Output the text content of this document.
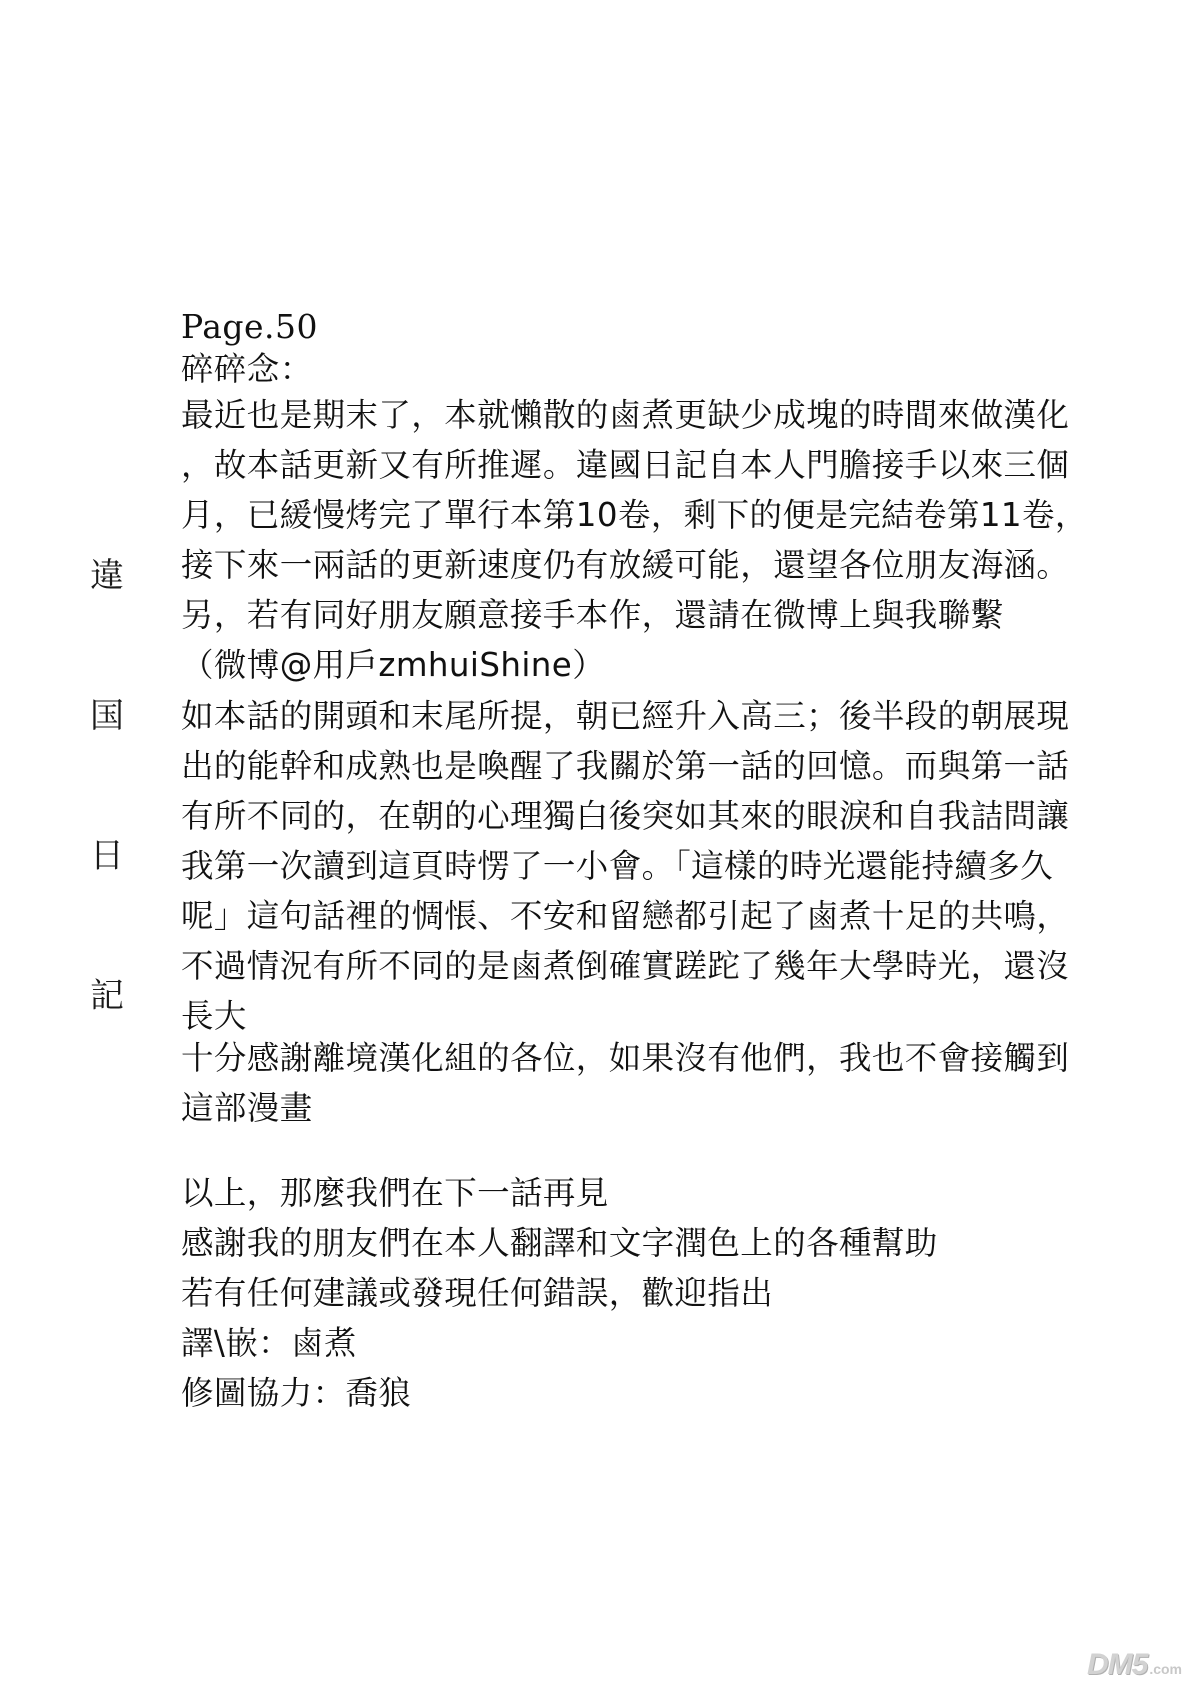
Page.50
違
国
日
記
碎碎念：
最近也是期末了，本就懶散的鹵煮更缺少成塊的時間來做漢化
，故本話更新又有所推遲。違國日記自本人門膽接手以來三個
月，已緩慢烤完了單行本第10卷，剩下的便是完結卷第11卷，
接下來一兩話的更新速度仍有放緩可能，還望各位朋友海涵。
另，若有同好朋友願意接手本作，還請在微博上與我聯繫
（微博@用戶zmhuiShine）
如本話的開頭和末尾所提，朝已經升入高三；後半段的朝展現
出的能幹和成熟也是喚醒了我關於第一話的回憶。而與第一話
有所不同的，在朝的心理獨白後突如其來的眼淚和自我詰問讓
我第一次讀到這頁時愣了一小會。「這樣的時光還能持續多久
呢」這句話裡的惆悵、不安和留戀都引起了鹵煮十足的共鳴，
不過情況有所不同的是鹵煮倒確實蹉跎了幾年大學時光，還沒
長大
十分感謝離境漢化組的各位，如果沒有他們，我也不會接觸到
這部漫畫
以上，那麼我們在下一話再見
感謝我的朋友們在本人翻譯和文字潤色上的各種幫助
若有任何建議或發現任何錯誤，歡迎指出
譯\嵌：鹵煮
修圖協力：喬狼
DM5 .com
